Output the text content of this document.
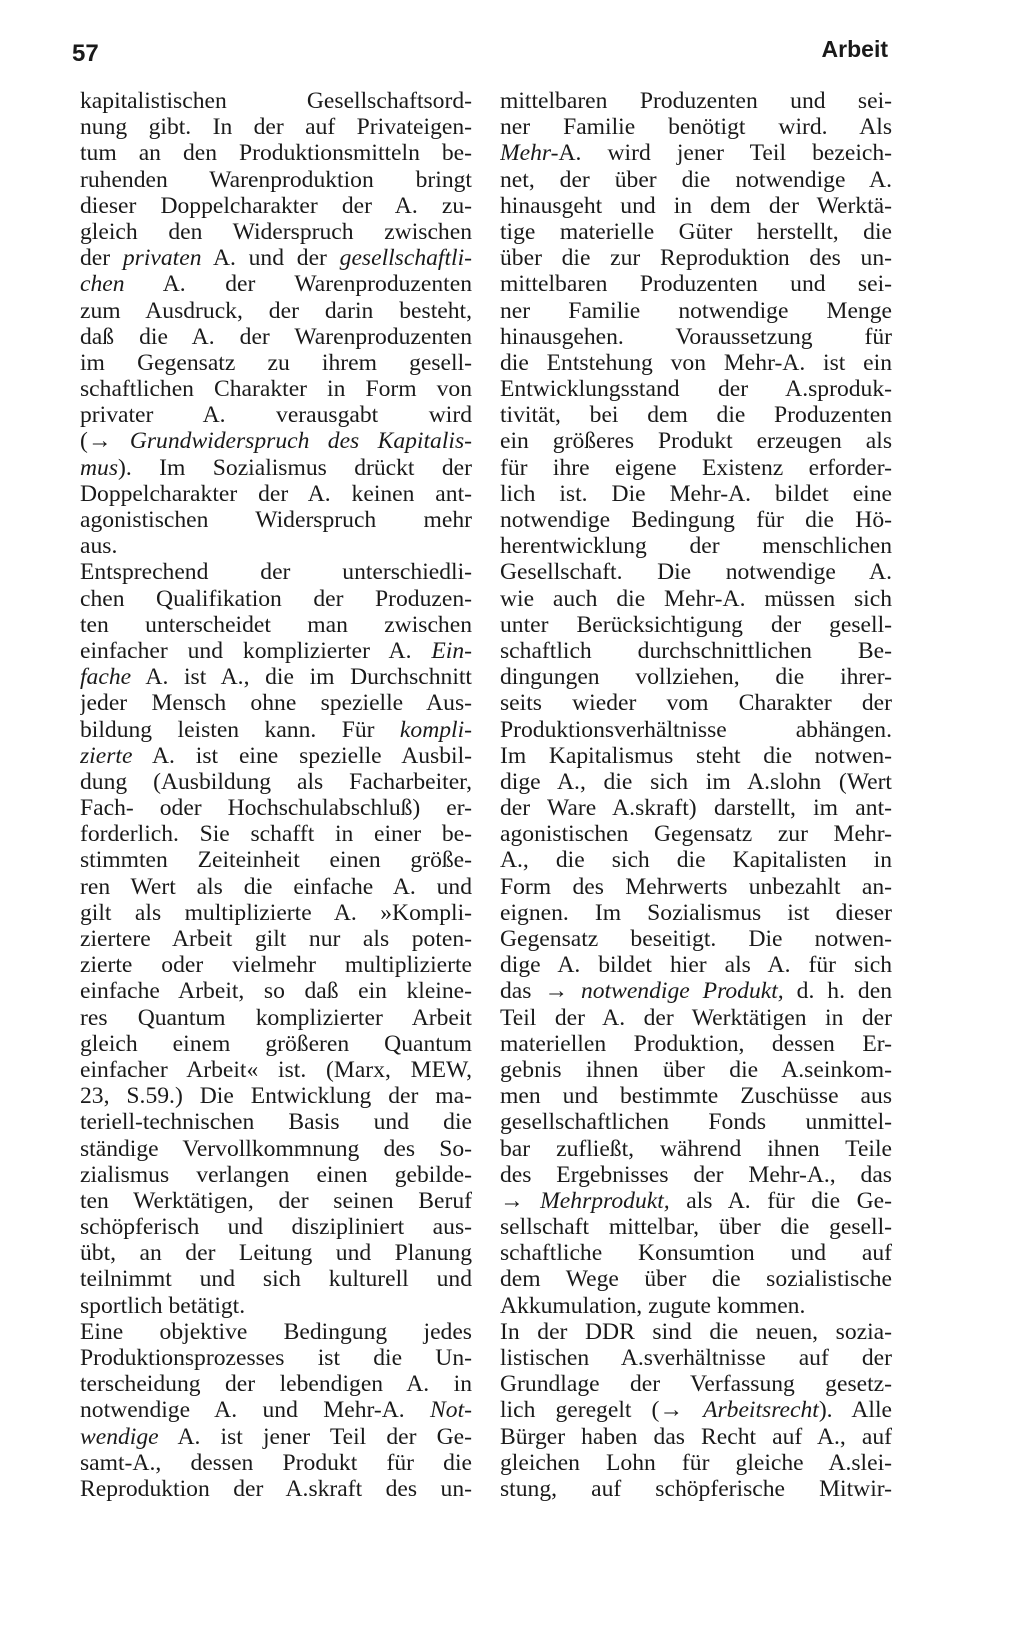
57	Arbeit
kapitalistischen Gesellschaftsord-
nung gibt. In der auf Privateigen-
tum an den Produktionsmitteln be-
ruhenden Warenproduktion bringt
dieser Doppelcharakter der A. zu-
gleich den Widerspruch zwischen
der privaten A. und der gesellschaftli-
chen A. der Warenproduzenten
zum Ausdruck, der darin besteht,
daß die A. der Warenproduzenten
im Gegensatz zu ihrem gesell-
schaftlichen Charakter in Form von
privater A. verausgabt wird
(→ Grundwiderspruch des Kapitalis-
mus). Im Sozialismus drückt der
Doppelcharakter der A. keinen ant-
agonistischen Widerspruch mehr
aus.
Entsprechend der unterschiedli-
chen Qualifikation der Produzen-
ten unterscheidet man zwischen
einfacher und komplizierter A. Ein-
fache A. ist A., die im Durchschnitt
jeder Mensch ohne spezielle Aus-
bildung leisten kann. Für kompli-
zierte A. ist eine spezielle Ausbil-
dung (Ausbildung als Facharbeiter,
Fach- oder Hochschulabschluß) er-
forderlich. Sie schafft in einer be-
stimmten Zeiteinheit einen größe-
ren Wert als die einfache A. und
gilt als multiplizierte A. »Kompli-
ziertere Arbeit gilt nur als poten-
zierte oder vielmehr multiplizierte
einfache Arbeit, so daß ein kleine-
res Quantum komplizierter Arbeit
gleich einem größeren Quantum
einfacher Arbeit« ist. (Marx, MEW,
23, S.59.) Die Entwicklung der ma-
teriell-technischen Basis und die
ständige Vervollkommnung des So-
zialismus verlangen einen gebilde-
ten Werktätigen, der seinen Beruf
schöpferisch und diszipliniert aus-
übt, an der Leitung und Planung
teilnimmt und sich kulturell und
sportlich betätigt.
Eine objektive Bedingung jedes
Produktionsprozesses ist die Un-
terscheidung der lebendigen A. in
notwendige A. und Mehr-A. Not-
wendige A. ist jener Teil der Ge-
samt-A., dessen Produkt für die
Reproduktion der A.skraft des un-
mittelbaren Produzenten und sei-
ner Familie benötigt wird. Als
Mehr-A. wird jener Teil bezeich-
net, der über die notwendige A.
hinausgeht und in dem der Werktä-
tige materielle Güter herstellt, die
über die zur Reproduktion des un-
mittelbaren Produzenten und sei-
ner Familie notwendige Menge
hinausgehen. Voraussetzung für
die Entstehung von Mehr-A. ist ein
Entwicklungsstand der A.sproduk-
tivität, bei dem die Produzenten
ein größeres Produkt erzeugen als
für ihre eigene Existenz erforder-
lich ist. Die Mehr-A. bildet eine
notwendige Bedingung für die Hö-
herentwicklung der menschlichen
Gesellschaft. Die notwendige A.
wie auch die Mehr-A. müssen sich
unter Berücksichtigung der gesell-
schaftlich durchschnittlichen Be-
dingungen vollziehen, die ihrer-
seits wieder vom Charakter der
Produktionsverhältnisse abhängen.
Im Kapitalismus steht die notwen-
dige A., die sich im A.slohn (Wert
der Ware A.skraft) darstellt, im ant-
agonistischen Gegensatz zur Mehr-
A., die sich die Kapitalisten in
Form des Mehrwerts unbezahlt an-
eignen. Im Sozialismus ist dieser
Gegensatz beseitigt. Die notwen-
dige A. bildet hier als A. für sich
das → notwendige Produkt, d. h. den
Teil der A. der Werktätigen in der
materiellen Produktion, dessen Er-
gebnis ihnen über die A.seinkom-
men und bestimmte Zuschüsse aus
gesellschaftlichen Fonds unmittel-
bar zufließt, während ihnen Teile
des Ergebnisses der Mehr-A., das
→ Mehrprodukt, als A. für die Ge-
sellschaft mittelbar, über die gesell-
schaftliche Konsumtion und auf
dem Wege über die sozialistische
Akkumulation, zugute kommen.
In der DDR sind die neuen, sozia-
listischen A.sverhältnisse auf der
Grundlage der Verfassung gesetz-
lich geregelt (→ Arbeitsrecht). Alle
Bürger haben das Recht auf A., auf
gleichen Lohn für gleiche A.slei-
stung, auf schöpferische Mitwir-
